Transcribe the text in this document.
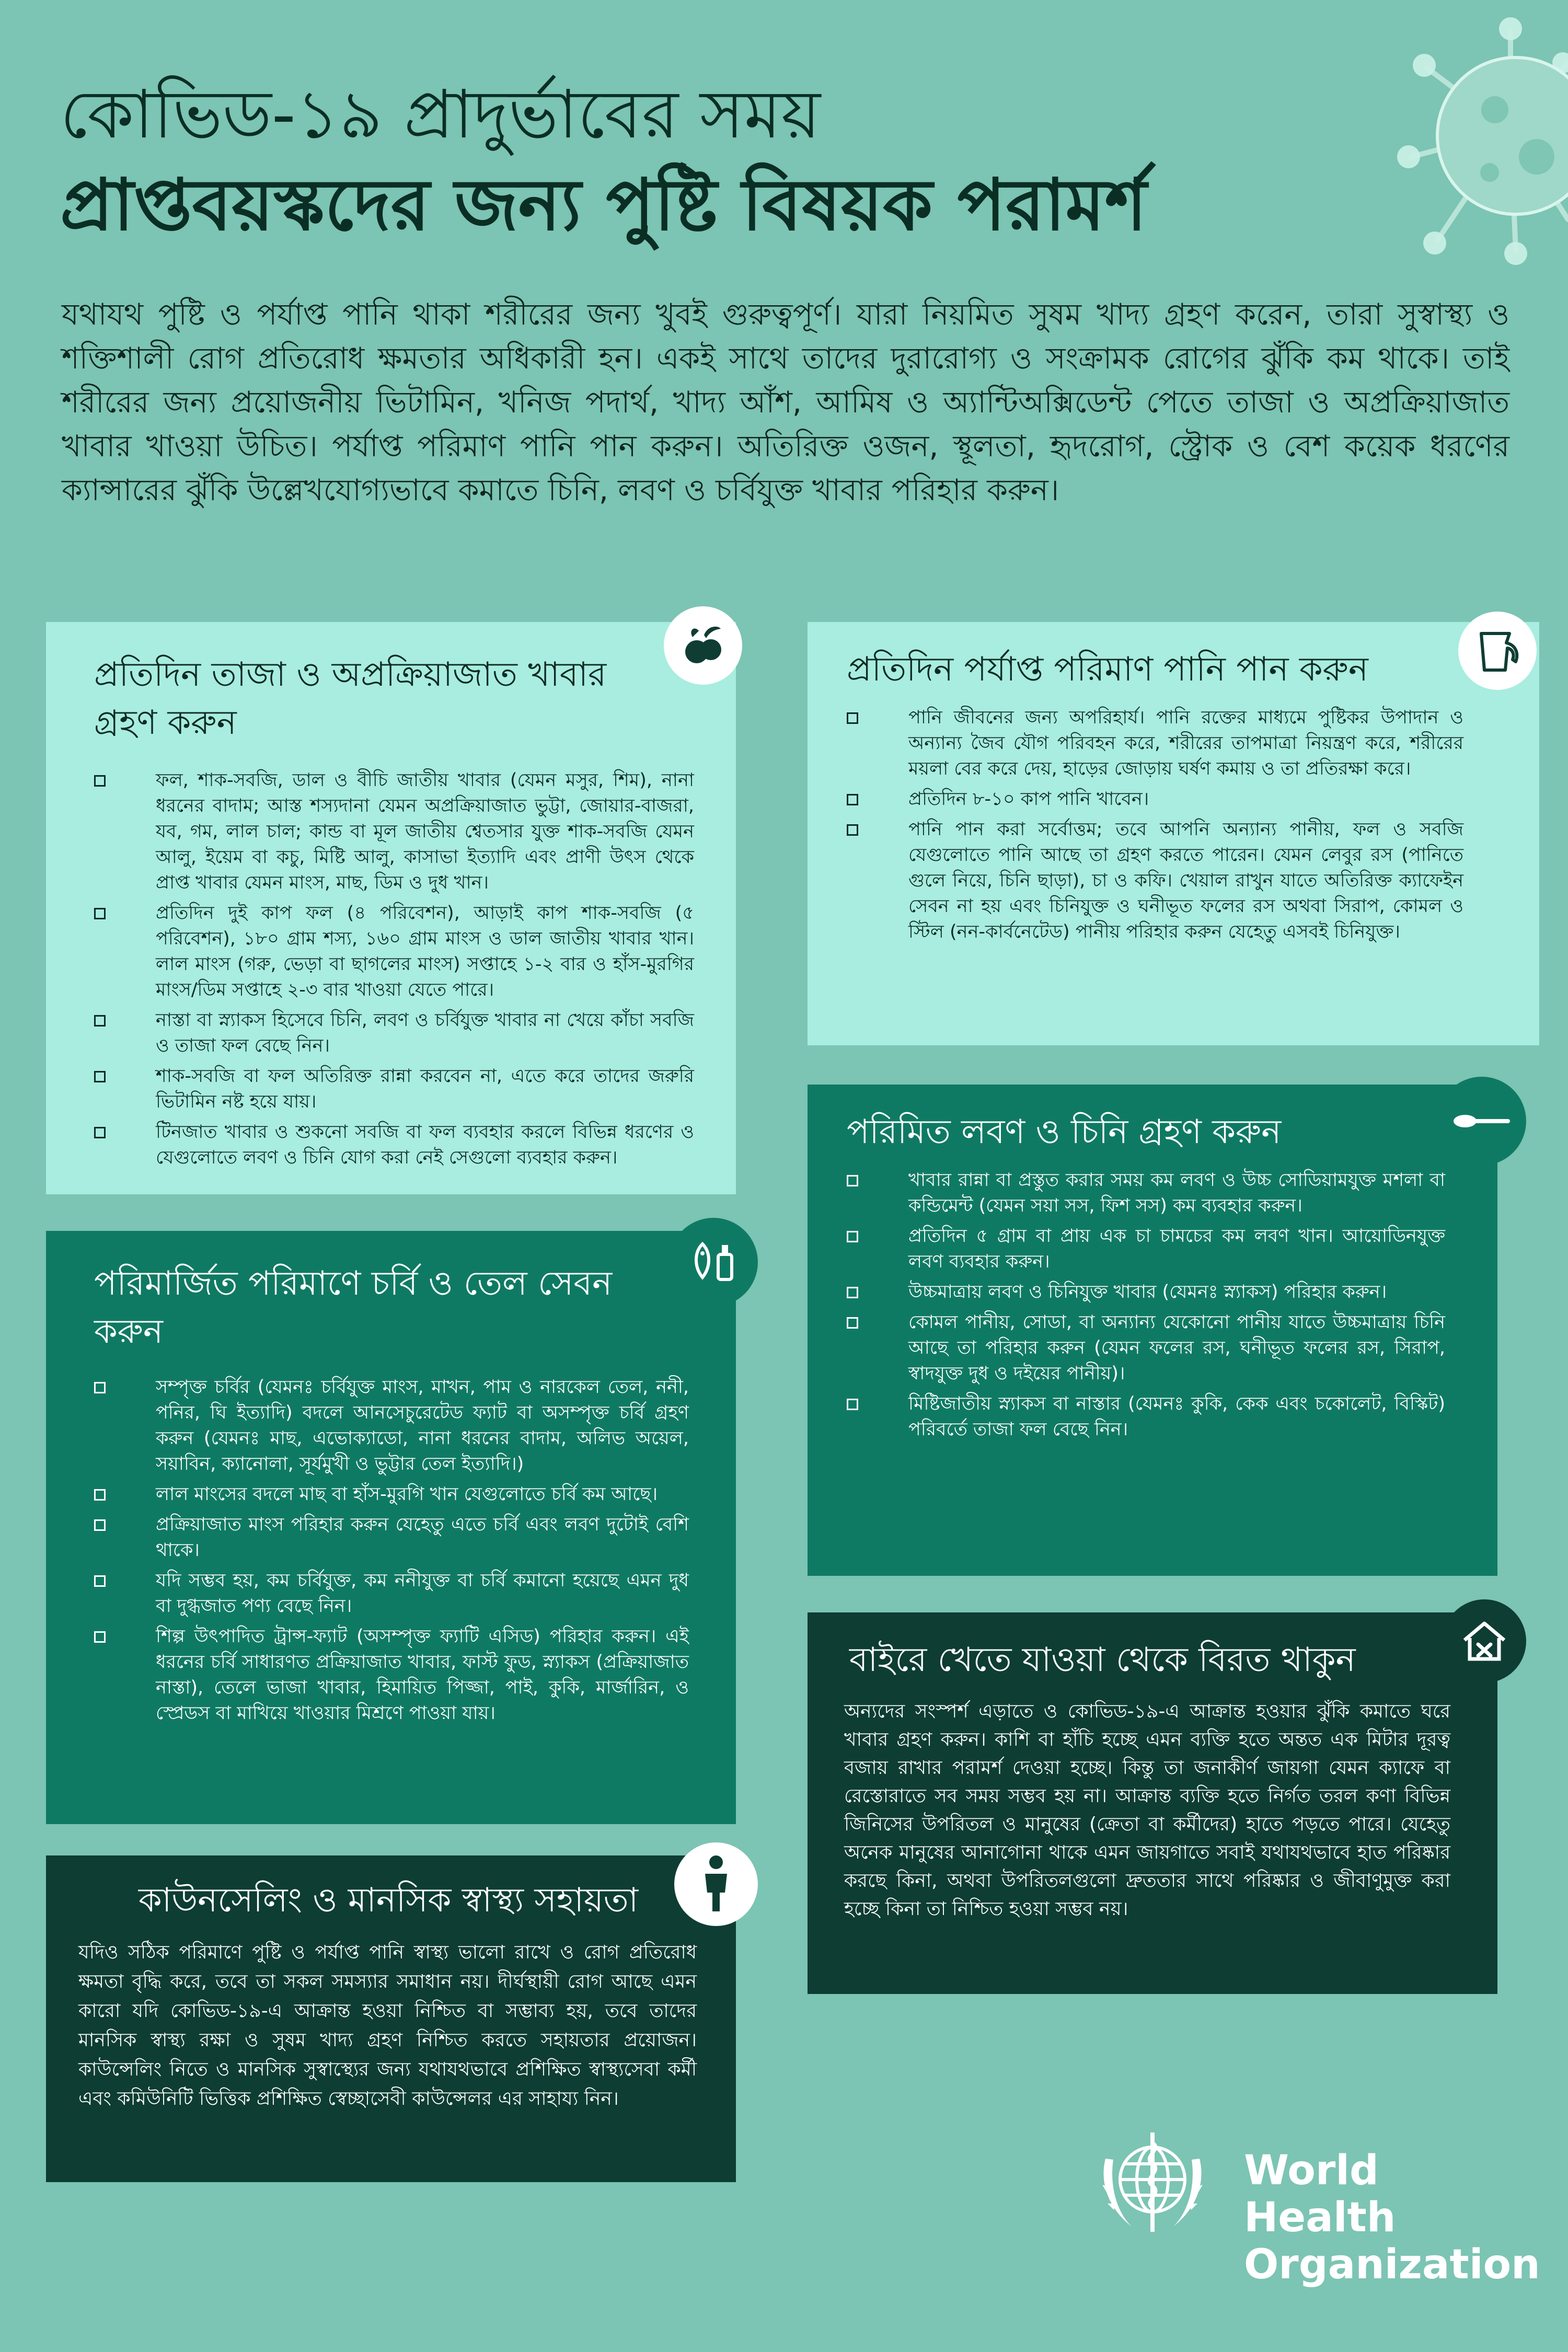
কোভিড-১৯ প্রাদুর্ভাবের সময়
প্রাপ্তবয়স্কদের জন্য পুষ্টি বিষয়ক পরামর্শ
যথাযথ পুষ্টি ও পর্যাপ্ত পানি থাকা শরীরের জন্য খুবই গুরুত্বপূর্ণ। যারা নিয়মিত সুষম খাদ্য গ্রহণ করেন, তারা সুস্বাস্থ্য ও শক্তিশালী রোগ প্রতিরোধ ক্ষমতার অধিকারী হন। একই সাথে তাদের দুরারোগ্য ও সংক্রামক রোগের ঝুঁকি কম থাকে। তাই শরীরের জন্য প্রয়োজনীয় ভিটামিন, খনিজ পদার্থ, খাদ্য আঁশ, আমিষ ও অ্যান্টিঅক্সিডেন্ট পেতে তাজা ও অপ্রক্রিয়াজাত খাবার খাওয়া উচিত। পর্যাপ্ত পরিমাণ পানি পান করুন। অতিরিক্ত ওজন, স্থূলতা, হৃদরোগ, স্ট্রোক ও বেশ কয়েক ধরণের ক্যান্সারের ঝুঁকি উল্লেখযোগ্যভাবে কমাতে চিনি, লবণ ও চর্বিযুক্ত খাবার পরিহার করুন।
প্রতিদিন তাজা ও অপ্রক্রিয়াজাত খাবার গ্রহণ করুন
ফল, শাক-সবজি, ডাল ও বীচি জাতীয় খাবার (যেমন মসুর, শিম), নানা ধরনের বাদাম; আস্ত শস্যদানা যেমন অপ্রক্রিয়াজাত ভুট্টা, জোয়ার-বাজরা, যব, গম, লাল চাল; কান্ড বা মূল জাতীয় শ্বেতসার যুক্ত শাক-সবজি যেমন আলু, ইয়েম বা কচু, মিষ্টি আলু, কাসাভা ইত্যাদি এবং প্রাণী উৎস থেকে প্রাপ্ত খাবার যেমন মাংস, মাছ, ডিম ও দুধ খান।
প্রতিদিন দুই কাপ ফল (৪ পরিবেশন), আড়াই কাপ শাক-সবজি (৫ পরিবেশন), ১৮০ গ্রাম শস্য, ১৬০ গ্রাম মাংস ও ডাল জাতীয় খাবার খান। লাল মাংস (গরু, ভেড়া বা ছাগলের মাংস) সপ্তাহে ১-২ বার ও হাঁস-মুরগির মাংস/ডিম সপ্তাহে ২-৩ বার খাওয়া যেতে পারে।
নাস্তা বা স্ন্যাকস হিসেবে চিনি, লবণ ও চর্বিযুক্ত খাবার না খেয়ে কাঁচা সবজি ও তাজা ফল বেছে নিন।
শাক-সবজি বা ফল অতিরিক্ত রান্না করবেন না, এতে করে তাদের জরুরি ভিটামিন নষ্ট হয়ে যায়।
টিনজাত খাবার ও শুকনো সবজি বা ফল ব্যবহার করলে বিভিন্ন ধরণের ও যেগুলোতে লবণ ও চিনি যোগ করা নেই সেগুলো ব্যবহার করুন।
প্রতিদিন পর্যাপ্ত পরিমাণ পানি পান করুন
পানি জীবনের জন্য অপরিহার্য। পানি রক্তের মাধ্যমে পুষ্টিকর উপাদান ও অন্যান্য জৈব যৌগ পরিবহন করে, শরীরের তাপমাত্রা নিয়ন্ত্রণ করে, শরীরের ময়লা বের করে দেয়, হাড়ের জোড়ায় ঘর্ষণ কমায় ও তা প্রতিরক্ষা করে।
প্রতিদিন ৮-১০ কাপ পানি খাবেন।
পানি পান করা সর্বোত্তম; তবে আপনি অন্যান্য পানীয়, ফল ও সবজি যেগুলোতে পানি আছে তা গ্রহণ করতে পারেন। যেমন লেবুর রস (পানিতে গুলে নিয়ে, চিনি ছাড়া), চা ও কফি। খেয়াল রাখুন যাতে অতিরিক্ত ক্যাফেইন সেবন না হয় এবং চিনিযুক্ত ও ঘনীভূত ফলের রস অথবা সিরাপ, কোমল ও স্টিল (নন-কার্বনেটেড) পানীয় পরিহার করুন যেহেতু এসবই চিনিযুক্ত।
পরিমিত লবণ ও চিনি গ্রহণ করুন
খাবার রান্না বা প্রস্তুত করার সময় কম লবণ ও উচ্চ সোডিয়ামযুক্ত মশলা বা কন্ডিমেন্ট (যেমন সয়া সস, ফিশ সস) কম ব্যবহার করুন।
প্রতিদিন ৫ গ্রাম বা প্রায় এক চা চামচের কম লবণ খান। আয়োডিনযুক্ত লবণ ব্যবহার করুন।
উচ্চমাত্রায় লবণ ও চিনিযুক্ত খাবার (যেমনঃ স্ন্যাকস) পরিহার করুন।
কোমল পানীয়, সোডা, বা অন্যান্য যেকোনো পানীয় যাতে উচ্চমাত্রায় চিনি আছে তা পরিহার করুন (যেমন ফলের রস, ঘনীভূত ফলের রস, সিরাপ, স্বাদযুক্ত দুধ ও দইয়ের পানীয়)।
মিষ্টিজাতীয় স্ন্যাকস বা নাস্তার (যেমনঃ কুকি, কেক এবং চকোলেট, বিস্কিট) পরিবর্তে তাজা ফল বেছে নিন।
পরিমার্জিত পরিমাণে চর্বি ও তেল সেবন করুন
সম্পৃক্ত চর্বির (যেমনঃ চর্বিযুক্ত মাংস, মাখন, পাম ও নারকেল তেল, ননী, পনির, ঘি ইত্যাদি) বদলে আনসেচুরেটেড ফ্যাট বা অসম্পৃক্ত চর্বি গ্রহণ করুন (যেমনঃ মাছ, এভোক্যাডো, নানা ধরনের বাদাম, অলিভ অয়েল, সয়াবিন, ক্যানোলা, সূর্যমুখী ও ভুট্টার তেল ইত্যাদি।)
লাল মাংসের বদলে মাছ বা হাঁস-মুরগি খান যেগুলোতে চর্বি কম আছে।
প্রক্রিয়াজাত মাংস পরিহার করুন যেহেতু এতে চর্বি এবং লবণ দুটোই বেশি থাকে।
যদি সম্ভব হয়, কম চর্বিযুক্ত, কম ননীযুক্ত বা চর্বি কমানো হয়েছে এমন দুধ বা দুগ্ধজাত পণ্য বেছে নিন।
শিল্প উৎপাদিত ট্রান্স-ফ্যাট (অসম্পৃক্ত ফ্যাটি এসিড) পরিহার করুন। এই ধরনের চর্বি সাধারণত প্রক্রিয়াজাত খাবার, ফাস্ট ফুড, স্ন্যাকস (প্রক্রিয়াজাত নাস্তা), তেলে ভাজা খাবার, হিমায়িত পিজ্জা, পাই, কুকি, মার্জারিন, ও স্প্রেডস বা মাখিয়ে খাওয়ার মিশ্রণে পাওয়া যায়।
বাইরে খেতে যাওয়া থেকে বিরত থাকুন

অন্যদের সংস্পর্শ এড়াতে ও কোভিড-১৯-এ আক্রান্ত হওয়ার ঝুঁকি কমাতে ঘরে খাবার গ্রহণ করুন। কাশি বা হাঁচি হচ্ছে এমন ব্যক্তি হতে অন্তত এক মিটার দূরত্ব বজায় রাখার পরামর্শ দেওয়া হচ্ছে। কিন্তু তা জনাকীর্ণ জায়গা যেমন ক্যাফে বা রেস্তোরাতে সব সময় সম্ভব হয় না। আক্রান্ত ব্যক্তি হতে নির্গত তরল কণা বিভিন্ন জিনিসের উপরিতল ও মানুষের (ক্রেতা বা কর্মীদের) হাতে পড়তে পারে। যেহেতু অনেক মানুষের আনাগোনা থাকে এমন জায়গাতে সবাই যথাযথভাবে হাত পরিষ্কার করছে কিনা, অথবা উপরিতলগুলো দ্রুততার সাথে পরিষ্কার ও জীবাণুমুক্ত করা হচ্ছে কিনা তা নিশ্চিত হওয়া সম্ভব নয়।

কাউনসেলিং ও মানসিক স্বাস্থ্য সহায়তা

যদিও সঠিক পরিমাণে পুষ্টি ও পর্যাপ্ত পানি স্বাস্থ্য ভালো রাখে ও রোগ প্রতিরোধ ক্ষমতা বৃদ্ধি করে, তবে তা সকল সমস্যার সমাধান নয়। দীর্ঘস্থায়ী রোগ আছে এমন কারো যদি কোভিড-১৯-এ আক্রান্ত হওয়া নিশ্চিত বা সম্ভাব্য হয়, তবে তাদের মানসিক স্বাস্থ্য রক্ষা ও সুষম খাদ্য গ্রহণ নিশ্চিত করতে সহায়তার প্রয়োজন। কাউন্সেলিং নিতে ও মানসিক সুস্বাস্থ্যের জন্য যথাযথভাবে প্রশিক্ষিত স্বাস্থ্যসেবা কর্মী এবং কমিউনিটি ভিত্তিক প্রশিক্ষিত স্বেচ্ছাসেবী কাউন্সেলর এর সাহায্য নিন।

World Health
Organization
